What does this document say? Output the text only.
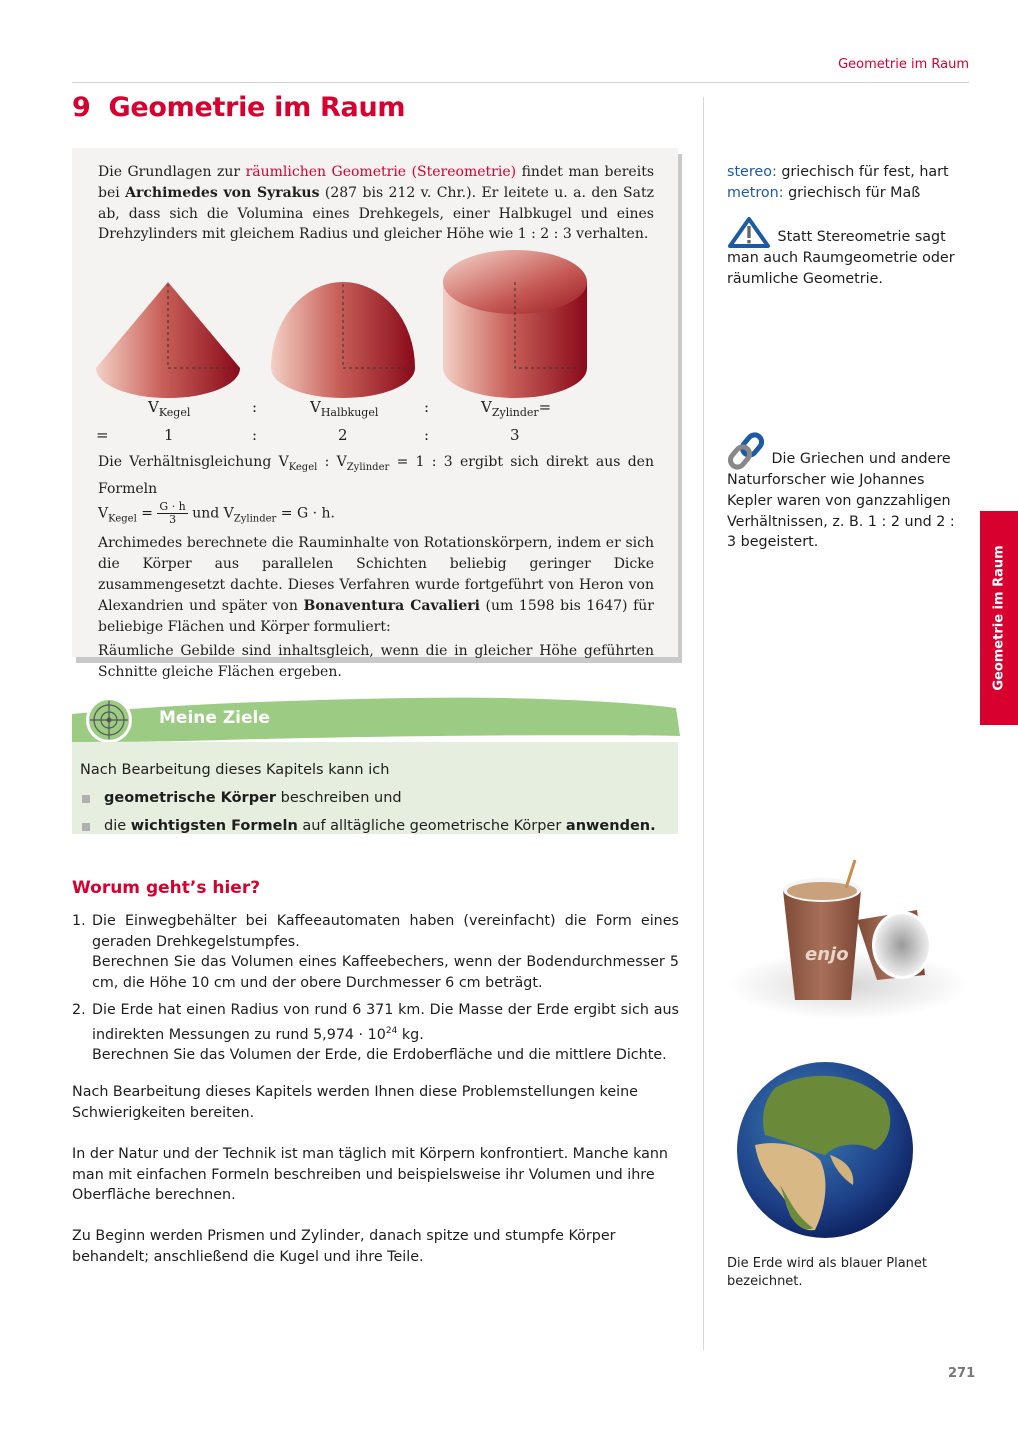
Geometrie im Raum
9 Geometrie im Raum

Die Grundlagen zur räumlichen Geometrie (Stereometrie) findet man bereits bei Archimedes von Syrakus (287 bis 212 v. Chr.). Er leitete u. a. den Satz ab, dass sich die Volumina eines Drehkegels, einer Halbkugel und eines Drehzylinders mit gleichem Radius und gleicher Höhe wie 1 : 2 : 3 verhalten.

$V_{Kegel}$	:	$V_{Halbkugel}$	:	$V_{Zylinder}=$
=	1	:	2	:	3

Die Verhältnisgleichung $V_{Kegel}$ : $V_{Zylinder} = 1$ : 3 ergibt sich direkt aus den Formeln

$V_{Kegel} = \frac{G \cdot h}{3}$ und $V_{Zylinder} = G \cdot h$.

Archimedes berechnete die Rauminhalte von Rotationskörpern, indem er sich die Körper aus parallelen Schichten beliebig geringer Dicke zusammengesetzt dachte. Dieses Verfahren wurde fortgeführt von Heron von Alexandrien und später von Bonaventura Cavalieri (um 1598 bis 1647) für beliebige Flächen und Körper formuliert:

Räumliche Gebilde sind inhaltsgleich, wenn die in gleicher Höhe geführten Schnitte gleiche Flächen ergeben.

Meine Ziele
Nach Bearbeitung dieses Kapitels kann ich
geometrische Körper beschreiben und
die wichtigsten Formeln auf alltägliche geometrische Körper anwenden.
Worum geht’s hier?
1. Die Einwegbehälter bei Kaffeeautomaten haben (vereinfacht) die Form eines geraden Drehkegelstumpfes.
Berechnen Sie das Volumen eines Kaffeebechers, wenn der Bodendurchmesser 5 cm, die Höhe 10 cm und der obere Durchmesser 6 cm beträgt.
2. Die Erde hat einen Radius von rund 6 371 km. Die Masse der Erde ergibt sich aus indirekten Messungen zu rund $5,974 \cdot 10^{24}$ kg.
Berechnen Sie das Volumen der Erde, die Erdoberfläche und die mittlere Dichte.

Nach Bearbeitung dieses Kapitels werden Ihnen diese Problemstellungen keine Schwierigkeiten bereiten.

In der Natur und der Technik ist man täglich mit Körpern konfrontiert. Manche kann man mit einfachen Formeln beschreiben und beispielsweise ihr Volumen und ihre Oberfläche berechnen.

Zu Beginn werden Prismen und Zylinder, danach spitze und stumpfe Körper behandelt; anschließend die Kugel und ihre Teile.

stereo: griechisch für fest, hart
metron: griechisch für Maß
Statt Stereometrie sagt man auch Raumgeometrie oder räumliche Geometrie.
Die Griechen und andere Naturforscher wie Johannes Kepler waren von ganzzahligen Verhältnissen, z. B. 1 : 2 und 2 : 3 begeistert.
Geometrie im Raum
enjo

Die Erde wird als blauer Planet bezeichnet.

271
